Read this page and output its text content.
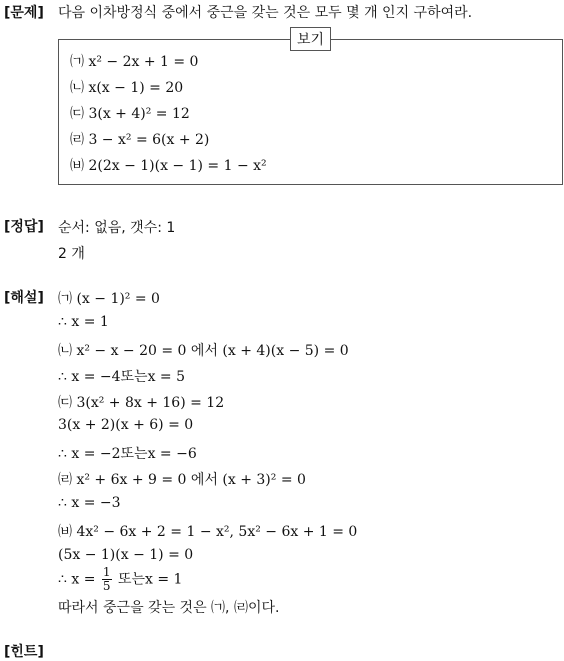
[문제] 다음 이차방정식 중에서 중근을 갖는 것은 모두 몇 개 인지 구하여라.
보기
㈀ x² − 2x + 1 = 0
㈁ x(x − 1) = 20
㈂ 3(x + 4)² = 12
㈃ 3 − x² = 6(x + 2)
㈅ 2(2x − 1)(x − 1) = 1 − x²
[정답] 순서: 없음, 갯수: 1
2 개
[해설] ㈀ (x − 1)² = 0
∴ x = 1
㈁ x² − x − 20 = 0 에서 (x + 4)(x − 5) = 0
∴ x = −4또는x = 5
㈂ 3(x² + 8x + 16) = 12
3(x + 2)(x + 6) = 0
∴ x = −2또는x = −6
㈃ x² + 6x + 9 = 0 에서 (x + 3)² = 0
∴ x = −3
㈅ 4x² − 6x + 2 = 1 − x², 5x² − 6x + 1 = 0
(5x − 1)(x − 1) = 0
∴ $x = \frac{1}{5}$ 또는x = 1
따라서 중근을 갖는 것은 ㈀, ㈃이다.
[힌트]
